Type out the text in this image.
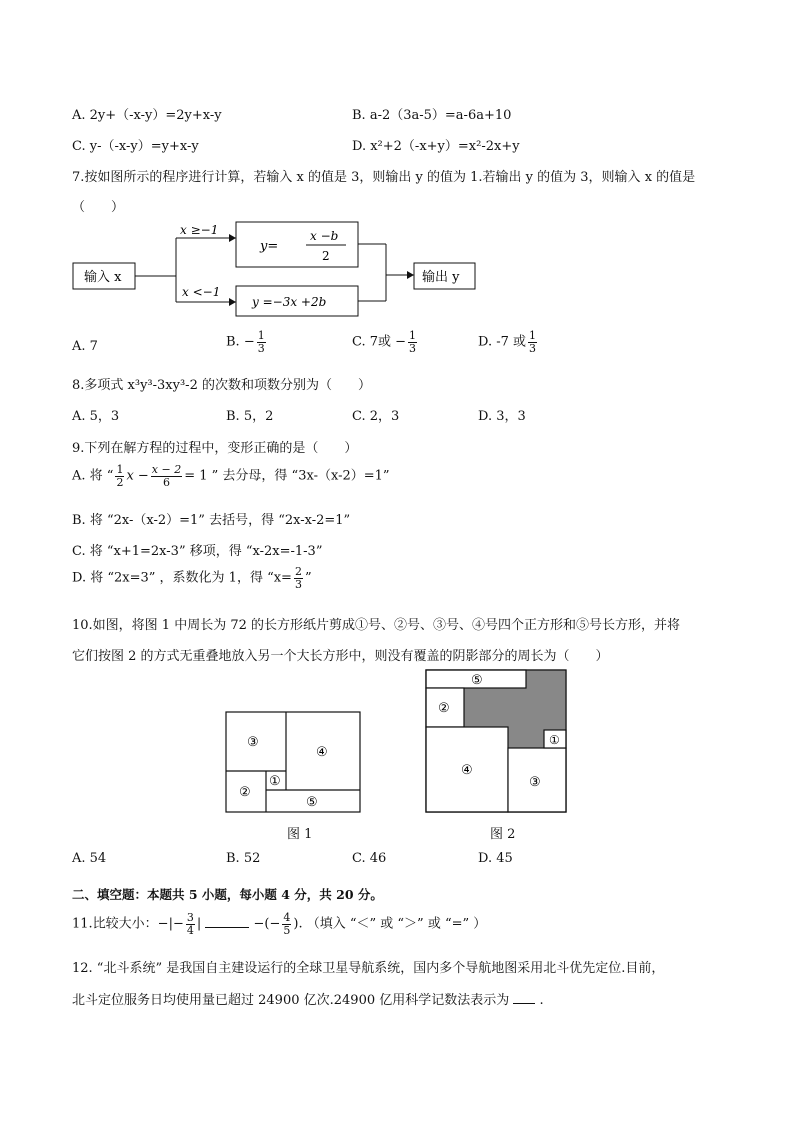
A. 2y+（-x-y）=2y+x-y	B. a-2（3a-5）=a-6a+10
C. y-（-x-y）=y+x-y	D. x²+2（-x+y）=x²-2x+y
7.按如图所示的程序进行计算，若输入 x 的值是 3，则输出 y 的值为 1.若输出 y 的值为 3，则输入 x 的值是
（　　）
输入 x
x ≥−1
x <−1
y=
x −b
2
y =−3x +2b
输出 y
A. 7	B. − $\frac{1}{3}$	C. 7或 − $\frac{1}{3}$	D. -7 或 $\frac{1}{3}$
8.多项式 x³y³-3xy³-2 的次数和项数分别为（　　）
A. 5，3	B. 5，2	C. 2，3	D. 3，3
9.下列在解方程的过程中，变形正确的是（　　）
A. 将 “ $\frac{1}{2}$ $x - \frac{x - 2}{6} = 1$ ” 去分母，得 “3x-（x-2）=1”
B. 将 “2x-（x-2）=1” 去括号，得 “2x-x-2=1”
C. 将 “x+1=2x-3” 移项，得 “x-2x=-1-3”
D. 将 “2x=3” ，系数化为 1，得 “$x= \frac{2}{3}$ ”
10.如图，将图 1 中周长为 72 的长方形纸片剪成①号、②号、③号、④号四个正方形和⑤号长方形，并将
它们按图 2 的方式无重叠地放入另一个大长方形中，则没有覆盖的阴影部分的周长为（　　）
③
④
①
②
⑤
图 1
⑤
②
④
③
①
图 2
A. 54	B. 52	C. 46	D. 45
二、填空题：本题共 5 小题，每小题 4 分，共 20 分。
11.比较大小：−|− $\frac{3}{4}$ |	−(− $\frac{4}{5}$ ). （填入 “＜” 或 “＞” 或 “=” ）
12. “北斗系统” 是我国自主建设运行的全球卫星导航系统，国内多个导航地图采用北斗优先定位.目前，
北斗定位服务日均使用量已超过 24900 亿次.24900 亿用科学记数法表示为 .
